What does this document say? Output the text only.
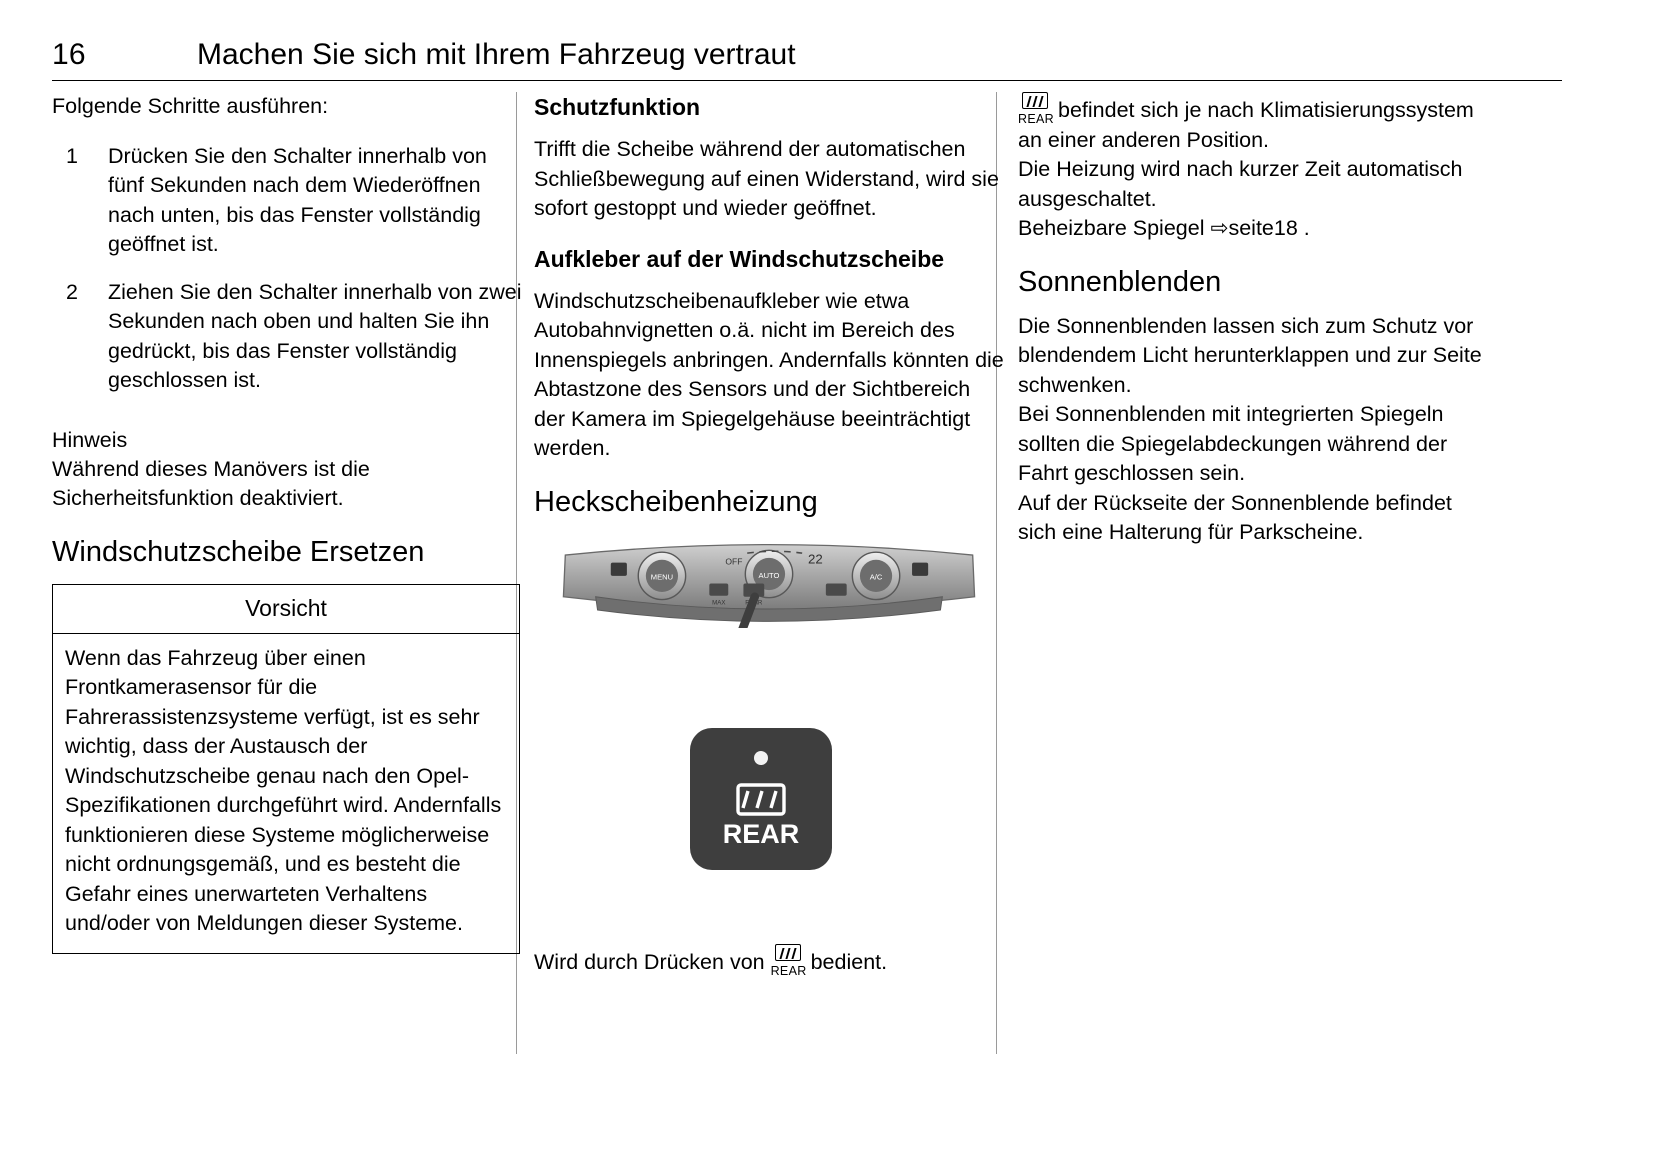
16	Machen Sie sich mit Ihrem Fahrzeug vertraut

Folgende Schritte ausführen:

1 Drücken Sie den Schalter innerhalb von fünf Sekunden nach dem Wiederöffnen nach unten, bis das Fenster vollständig geöffnet ist.
2 Ziehen Sie den Schalter innerhalb von zwei Sekunden nach oben und halten Sie ihn gedrückt, bis das Fenster vollständig geschlossen ist.

Hinweis

Während dieses Manövers ist die Sicherheitsfunktion deaktiviert.

Windschutzscheibe Ersetzen

Vorsicht
Wenn das Fahrzeug über einen Frontkamerasensor für die Fahrerassistenzsysteme verfügt, ist es sehr wichtig, dass der Austausch der Windschutzscheibe genau nach den Opel-Spezifikationen durchgeführt wird. Andernfalls funktionieren diese Systeme möglicherweise nicht ordnungsgemäß, und es besteht die Gefahr eines unerwarteten Verhaltens und/oder von Meldungen dieser Systeme.

Schutzfunktion

Trifft die Scheibe während der automatischen Schließbewegung auf einen Widerstand, wird sie sofort gestoppt und wieder geöffnet.

Aufkleber auf der Windschutzscheibe

Windschutzscheibenaufkleber wie etwa Autobahnvignetten o.ä. nicht im Bereich des Innenspiegels anbringen. Andernfalls könnten die Abtastzone des Sensors und der Sichtbereich der Kamera im Spiegelgehäuse beeinträchtigt werden.

Heckscheibenheizung

MENU	AUTO	A/C
OFF	22
MAX	REAR
REAR

Wird durch Drücken von REAR bedient.

REAR befindet sich je nach Klimatisierungssystem an einer anderen Position.

Die Heizung wird nach kurzer Zeit automatisch ausgeschaltet.

Beheizbare Spiegel ⇨seite18 .

Sonnenblenden

Die Sonnenblenden lassen sich zum Schutz vor blendendem Licht herunterklappen und zur Seite schwenken.

Bei Sonnenblenden mit integrierten Spiegeln sollten die Spiegelabdeckungen während der Fahrt geschlossen sein.

Auf der Rückseite der Sonnenblende befindet sich eine Halterung für Parkscheine.
